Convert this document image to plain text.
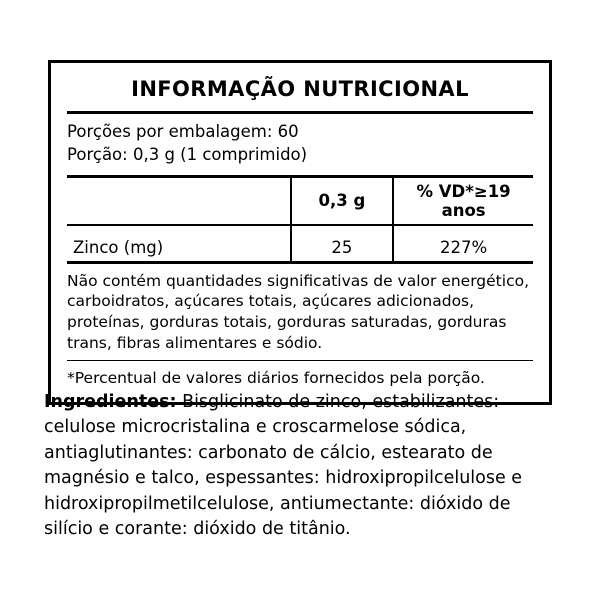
INFORMAÇÃO NUTRICIONAL
Porções por embalagem: 60
Porção: 0,3 g (1 comprimido)
	0,3 g	% VD*≥19 anos

Zinco (mg)	25	227%
Não contém quantidades significativas de valor energético, carboidratos, açúcares totais, açúcares adicionados, proteínas, gorduras totais, gorduras saturadas, gorduras trans, fibras alimentares e sódio.
*Percentual de valores diários fornecidos pela porção.
Ingredientes: Bisglicinato de zinco, estabilizantes: celulose microcristalina e croscarmelose sódica, antiaglutinantes: carbonato de cálcio, estearato de magnésio e talco, espessantes: hidroxipropilcelulose e hidroxipropilmetilcelulose, antiumectante: dióxido de silício e corante: dióxido de titânio.
